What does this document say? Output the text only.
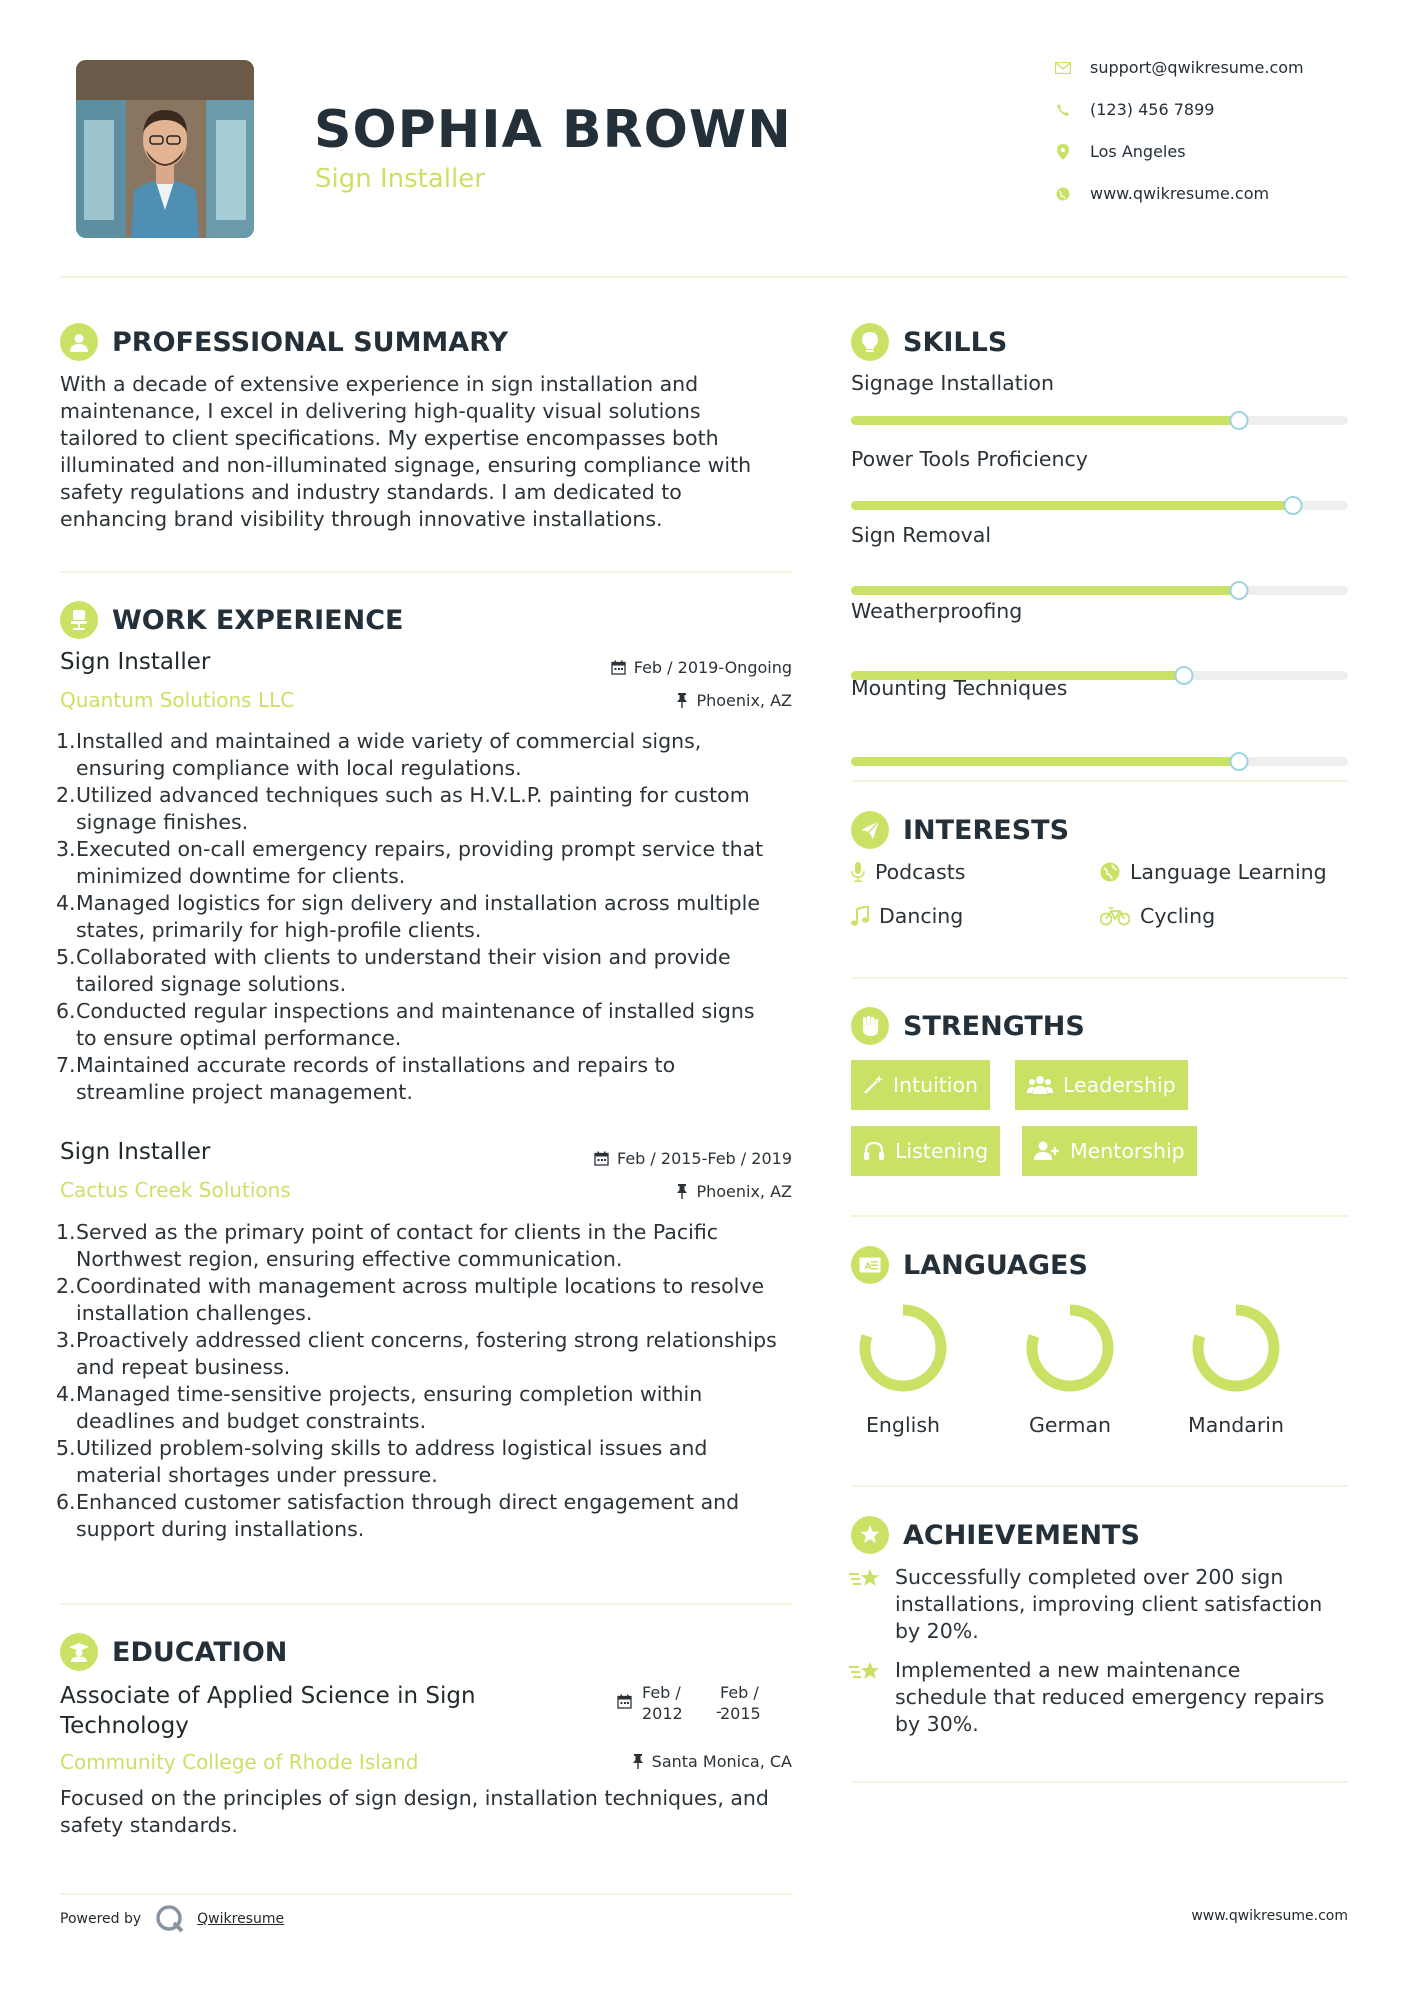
SOPHIA BROWN
Sign Installer
support@qwikresume.com
(123) 456 7899
Los Angeles
www.qwikresume.com
PROFESSIONAL SUMMARY
With a decade of extensive experience in sign installation and
maintenance, I excel in delivering high-quality visual solutions
tailored to client specifications. My expertise encompasses both
illuminated and non-illuminated signage, ensuring compliance with
safety regulations and industry standards. I am dedicated to
enhancing brand visibility through innovative installations.
WORK EXPERIENCE
Sign Installer
Quantum Solutions LLC
Feb / 2019-Ongoing
Phoenix, AZ
1. Installed and maintained a wide variety of commercial signs,
ensuring compliance with local regulations.
2. Utilized advanced techniques such as H.V.L.P. painting for custom
signage finishes.
3. Executed on-call emergency repairs, providing prompt service that
minimized downtime for clients.
4. Managed logistics for sign delivery and installation across multiple
states, primarily for high-profile clients.
5. Collaborated with clients to understand their vision and provide
tailored signage solutions.
6. Conducted regular inspections and maintenance of installed signs
to ensure optimal performance.
7. Maintained accurate records of installations and repairs to
streamline project management.
Sign Installer
Cactus Creek Solutions
Feb / 2015-Feb / 2019
Phoenix, AZ
1. Served as the primary point of contact for clients in the Pacific
Northwest region, ensuring effective communication.
2. Coordinated with management across multiple locations to resolve
installation challenges.
3. Proactively addressed client concerns, fostering strong relationships
and repeat business.
4. Managed time-sensitive projects, ensuring completion within
deadlines and budget constraints.
5. Utilized problem-solving skills to address logistical issues and
material shortages under pressure.
6. Enhanced customer satisfaction through direct engagement and
support during installations.
EDUCATION
Associate of Applied Science in Sign
Technology
Feb /
2012 -
Feb /
2015
Community College of Rhode Island	Santa Monica, CA
Focused on the principles of sign design, installation techniques, and
safety standards.
SKILLS
Signage Installation
Power Tools Proficiency
Sign Removal
Weatherproofing
Mounting Techniques
INTERESTS
Podcasts	Language Learning
Dancing	Cycling
STRENGTHS
Intuition	Leadership
Listening	Mentorship
A LANGUAGES
English	German	Mandarin
ACHIEVEMENTS
Successfully completed over 200 sign
installations, improving client satisfaction
by 20%.
Implemented a new maintenance
schedule that reduced emergency repairs
by 30%.
Powered by	Qwikresume	www.qwikresume.com
